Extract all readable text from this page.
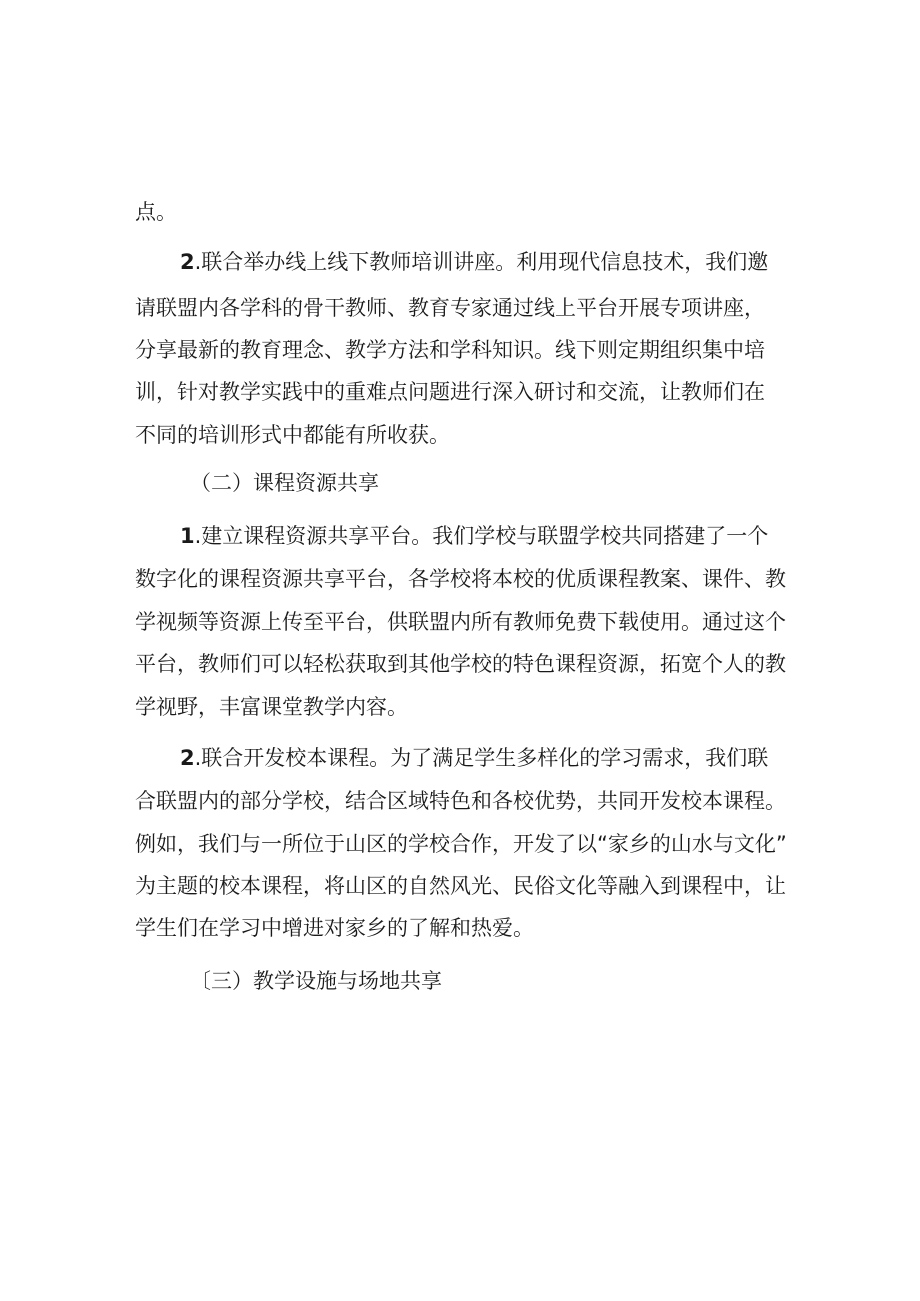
点。
2.联合举办线上线下教师培训讲座。利用现代信息技术，我们邀
请联盟内各学科的骨干教师、教育专家通过线上平台开展专项讲座，
分享最新的教育理念、教学方法和学科知识。线下则定期组织集中培
训，针对教学实践中的重难点问题进行深入研讨和交流，让教师们在
不同的培训形式中都能有所收获。
（二）课程资源共享
1.建立课程资源共享平台。我们学校与联盟学校共同搭建了一个
数字化的课程资源共享平台，各学校将本校的优质课程教案、课件、教
学视频等资源上传至平台，供联盟内所有教师免费下载使用。通过这个
平台，教师们可以轻松获取到其他学校的特色课程资源，拓宽个人的教
学视野，丰富课堂教学内容。
2.联合开发校本课程。为了满足学生多样化的学习需求，我们联
合联盟内的部分学校，结合区域特色和各校优势，共同开发校本课程。
例如，我们与一所位于山区的学校合作，开发了以“家乡的山水与文化”
为主题的校本课程，将山区的自然风光、民俗文化等融入到课程中，让
学生们在学习中增进对家乡的了解和热爱。
〔三）教学设施与场地共享
